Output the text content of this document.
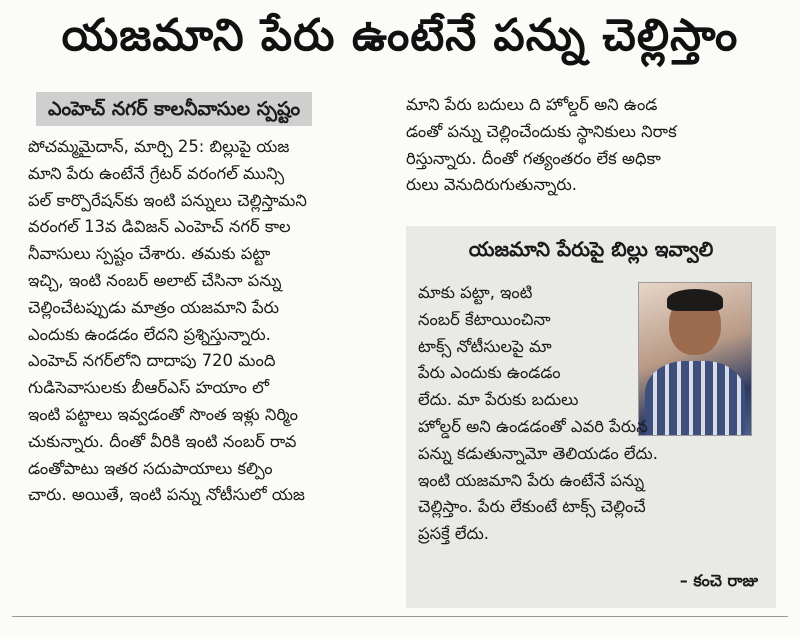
యజమాని పేరు ఉంటేనే పన్ను చెల్లిస్తాం
ఎంహెచ్ నగర్ కాలనీవాసుల స్పష్టం

పోచమ్మమైదాన్, మార్చి 25: బిల్లుపై యజ
మాని పేరు ఉంటేనే గ్రేటర్ వరంగల్ మున్సి
పల్ కార్పొరేషన్‌కు ఇంటి పన్నులు చెల్లిస్తామని
వరంగల్ 13వ డివిజన్ ఎంహెచ్ నగర్ కాల
నీవాసులు స్పష్టం చేశారు. తమకు పట్టా
ఇచ్చి, ఇంటి నంబర్ అలాట్ చేసినా పన్ను
చెల్లించేటప్పుడు మాత్రం యజమాని పేరు
ఎందుకు ఉండడం లేదని ప్రశ్నిస్తున్నారు.
ఎంహెచ్ నగర్‌లోని దాదాపు 720 మంది
గుడిసెవాసులకు బీఆర్‌ఎస్ హయాం లో
ఇంటి పట్టాలు ఇవ్వడంతో సొంత ఇళ్లు నిర్మిం
చుకున్నారు. దీంతో వీరికి ఇంటి నంబర్ రావ
డంతోపాటు ఇతర సదుపాయాలు కల్పిం
చారు. అయితే, ఇంటి పన్ను నోటీసులో యజ

మాని పేరు బదులు ది హోల్డర్ అని ఉండ
డంతో పన్ను చెల్లించేందుకు స్థానికులు నిరాక
రిస్తున్నారు. దీంతో గత్యంతరం లేక అధికా
రులు వెనుదిరుగుతున్నారు.

యజమాని పేరుపై బిల్లు ఇవ్వాలి

మాకు పట్టా, ఇంటి
నంబర్ కేటాయించినా
టాక్స్ నోటీసులపై మా
పేరు ఎందుకు ఉండడం
లేదు. మా పేరుకు బదులు

హోల్డర్ అని ఉండడంతో ఎవరి పేరున
పన్ను కడుతున్నామో తెలియడం లేదు.
ఇంటి యజమాని పేరు ఉంటేనే పన్ను
చెల్లిస్తాం. పేరు లేకుంటే టాక్స్ చెల్లించే
ప్రసక్తే లేదు.

– కంచె రాజు
